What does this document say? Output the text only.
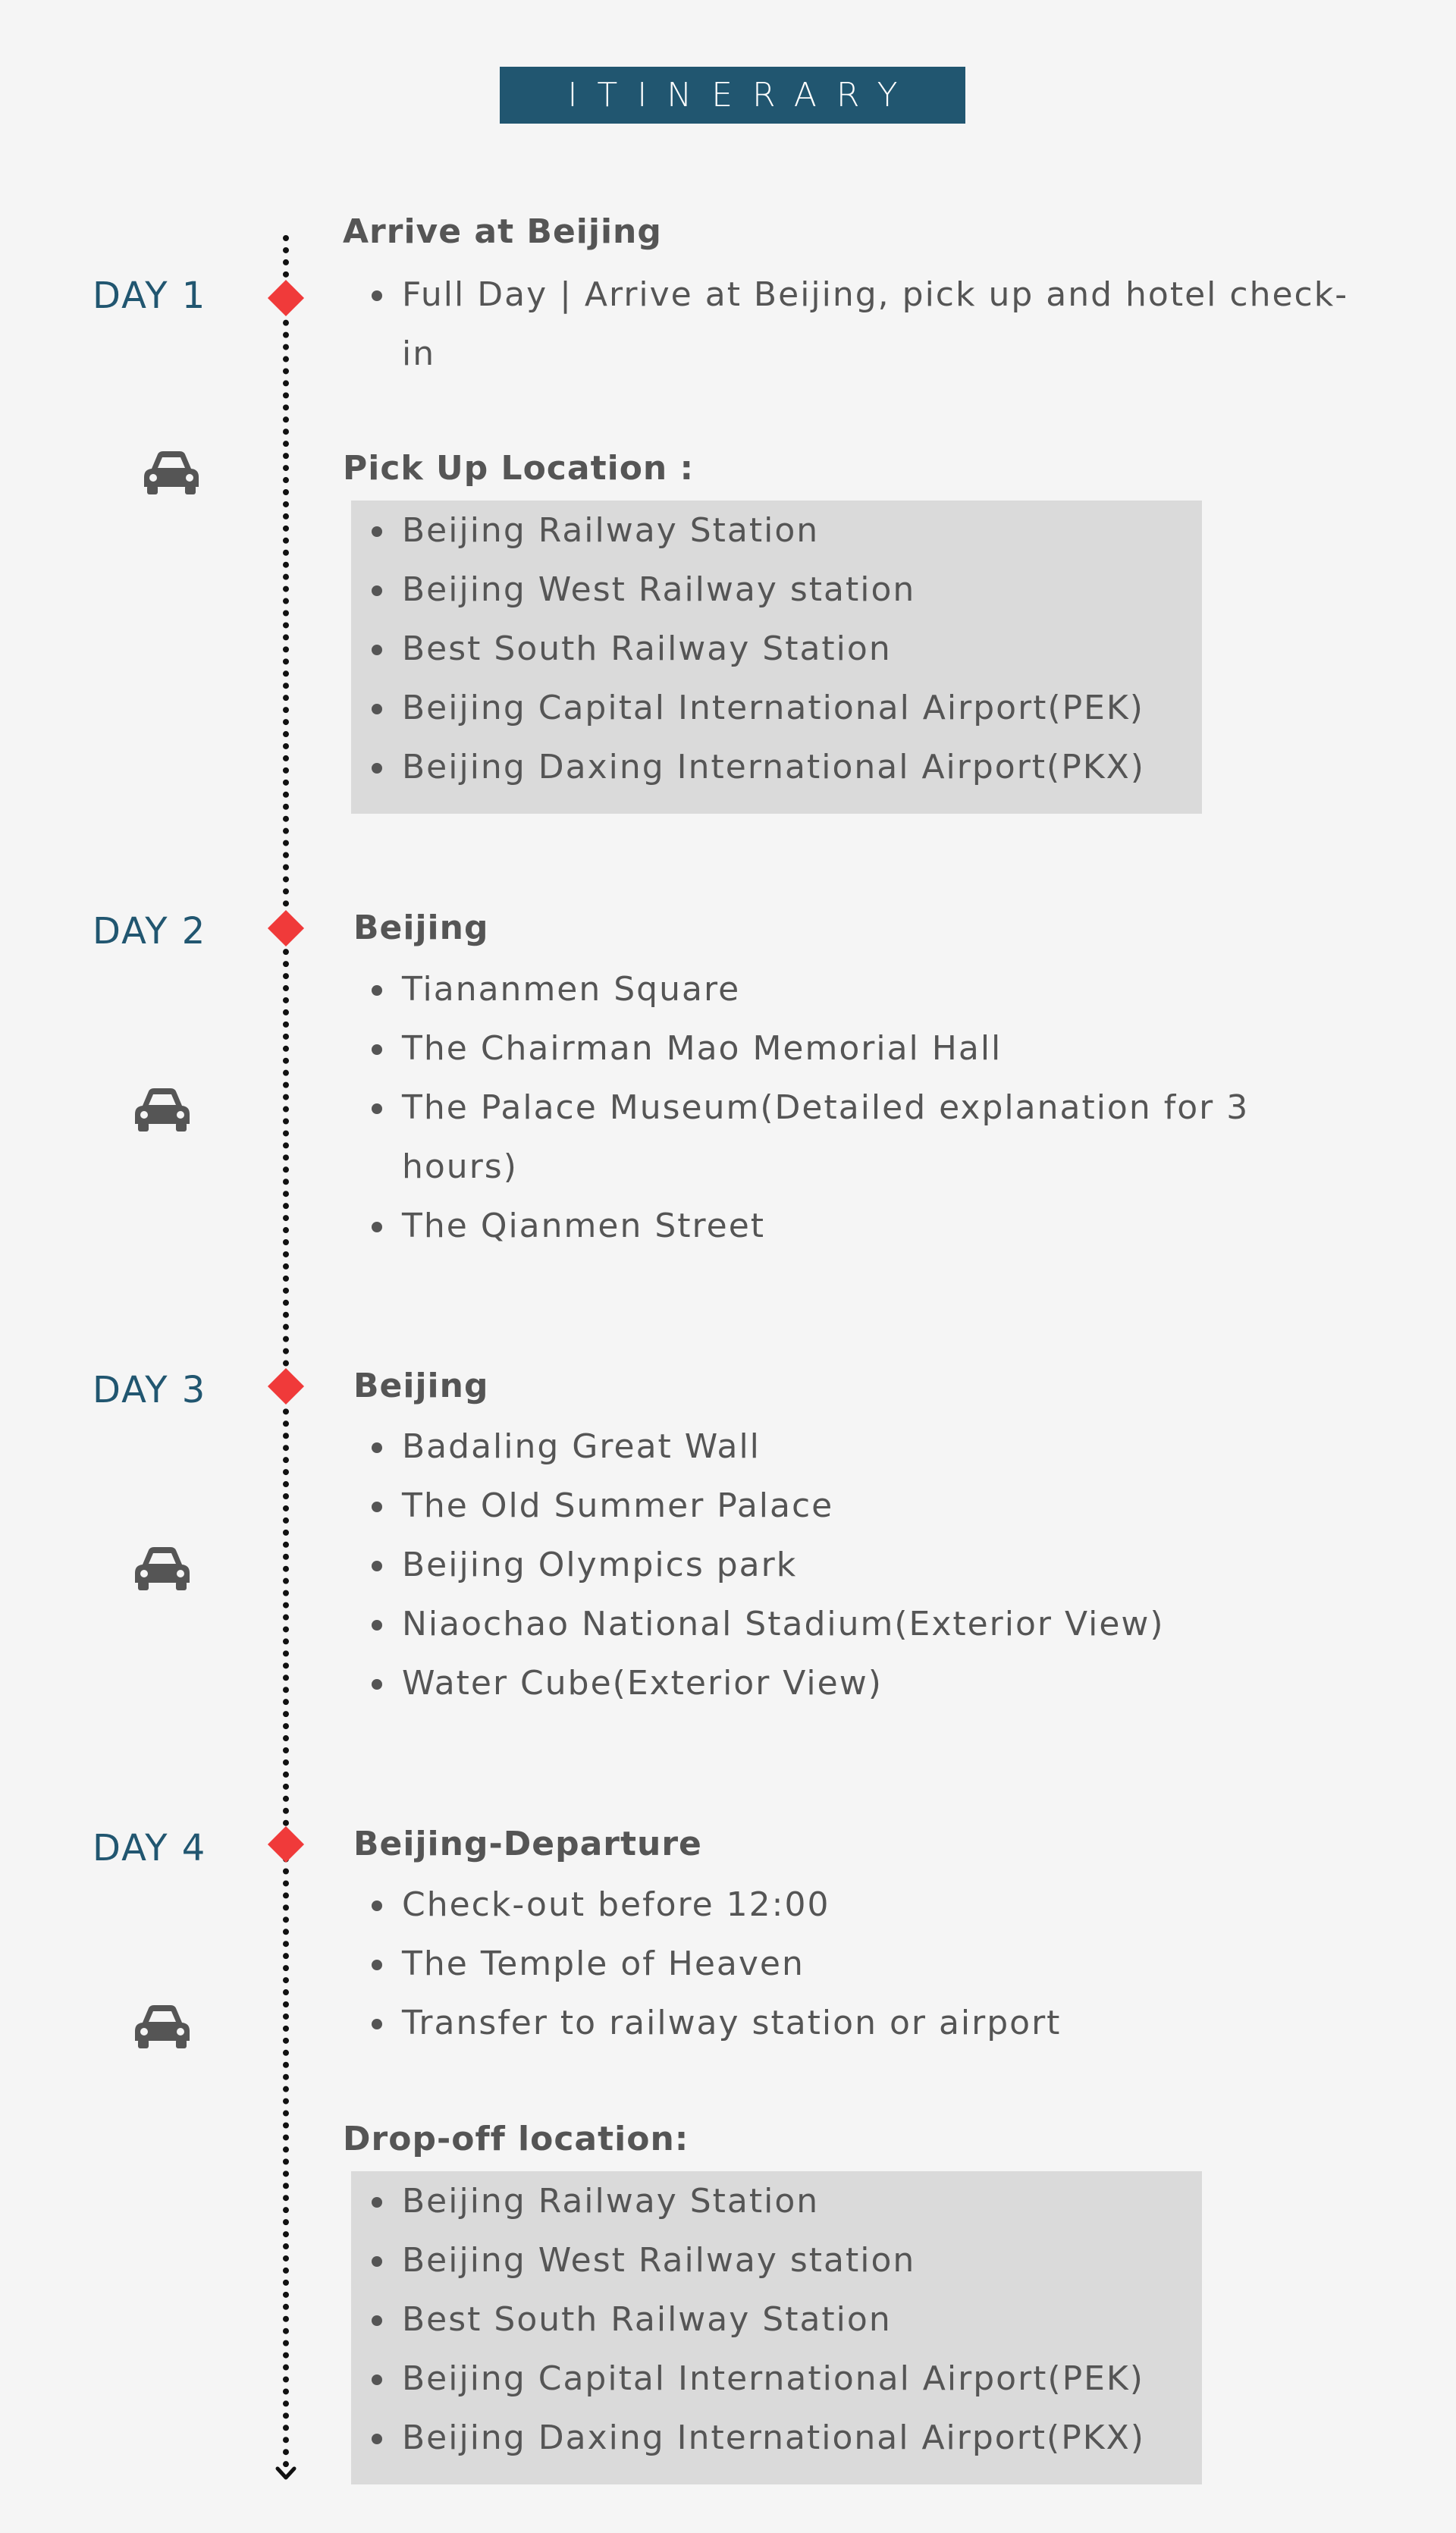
ITINERARY
DAY 1
Arrive at Beijing
Full Day | Arrive at Beijing, pick up and hotel check-in
Pick Up Location :
Beijing Railway Station
Beijing West Railway station
Best South Railway Station
Beijing Capital International Airport(PEK)
Beijing Daxing International Airport(PKX)
DAY 2	Beijing
Tiananmen Square
The Chairman Mao Memorial Hall
The Palace Museum(Detailed explanation for 3 hours)
The Qianmen Street
DAY 3	Beijing
Badaling Great Wall
The Old Summer Palace
Beijing Olympics park
Niaochao National Stadium(Exterior View)
Water Cube(Exterior View)
DAY 4	Beijing-Departure
Check-out before 12:00
The Temple of Heaven
Transfer to railway station or airport
Drop-off location:
Beijing Railway Station
Beijing West Railway station
Best South Railway Station
Beijing Capital International Airport(PEK)
Beijing Daxing International Airport(PKX)
